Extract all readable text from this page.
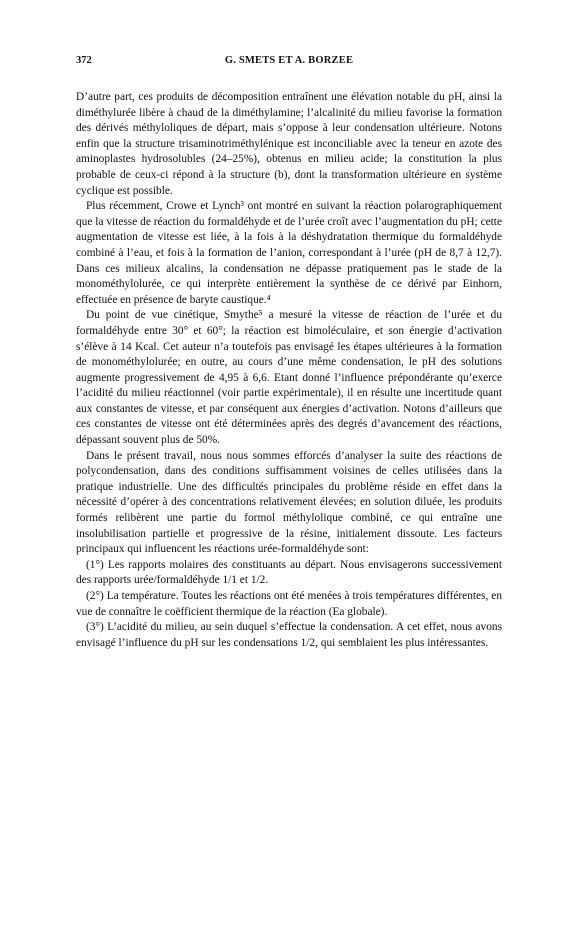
372	G. SMETS ET A. BORZEE

D’autre part, ces produits de décomposition entraînent une élévation notable du pH, ainsi la diméthylurée libère à chaud de la diméthylamine; l’alcalinité du milieu favorise la formation des dérivés méthyloliques de départ, mais s’oppose à leur condensation ultérieure. Notons enfin que la structure trisaminotriméthylénique est inconciliable avec la teneur en azote des aminoplastes hydrosolubles (24–25%), obtenus en milieu acide; la constitution la plus probable de ceux-ci répond à la structure (b), dont la transformation ultérieure en système cyclique est possible.

Plus récemment, Crowe et Lynch³ ont montré en suivant la réaction polarographiquement que la vitesse de réaction du formaldéhyde et de l’urée croît avec l’augmentation du pH; cette augmentation de vitesse est liée, à la fois à la déshydratation thermique du formaldéhyde combiné à l’eau, et fois à la formation de l’anion, correspondant à l’urée (pH de 8,7 à 12,7). Dans ces milieux alcalins, la condensation ne dépasse pratiquement pas le stade de la monométhylolurée, ce qui interprète entièrement la synthèse de ce dérivé par Einhorn, effectuée en présence de baryte caustique.⁴

Du point de vue cinétique, Smythe⁵ a mesuré la vitesse de réaction de l’urée et du formaldéhyde entre 30° et 60°; la réaction est bimoléculaire, et son énergie d’activation s’élève à 14 Kcal. Cet auteur n’a toutefois pas envisagé les étapes ultérieures à la formation de monométhylolurée; en outre, au cours d’une même condensation, le pH des solutions augmente progressivement de 4,95 à 6,6. Etant donné l’influence prépondérante qu’exerce l’acidité du milieu réactionnel (voir partie expérimentale), il en résulte une incertitude quant aux constantes de vitesse, et par conséquent aux énergies d’activation. Notons d’ailleurs que ces constantes de vitesse ont été déterminées après des degrés d’avancement des réactions, dépassant souvent plus de 50%.

Dans le présent travail, nous nous sommes efforcés d’analyser la suite des réactions de polycondensation, dans des conditions suffisamment voisines de celles utilisées dans la pratique industrielle. Une des difficultés principales du problème réside en effet dans la nécessité d’opérer à des concentrations relativement élevées; en solution diluée, les produits formés relibèrent une partie du formol méthylolique combiné, ce qui entraîne une insolubilisation partielle et progressive de la résine, initialement dissoute. Les facteurs principaux qui influencent les réactions urée-formaldéhyde sont:

(1°) Les rapports molaires des constituants au départ. Nous envisagerons successivement des rapports urée/formaldéhyde 1/1 et 1/2.

(2°) La température. Toutes les réactions ont été menées à trois températures différentes, en vue de connaître le coëfficient thermique de la réaction (Ea globale).

(3°) L’acidité du milieu, au sein duquel s’effectue la condensation. A cet effet, nous avons envisagé l’influence du pH sur les condensations 1/2, qui semblaient les plus intéressantes.
